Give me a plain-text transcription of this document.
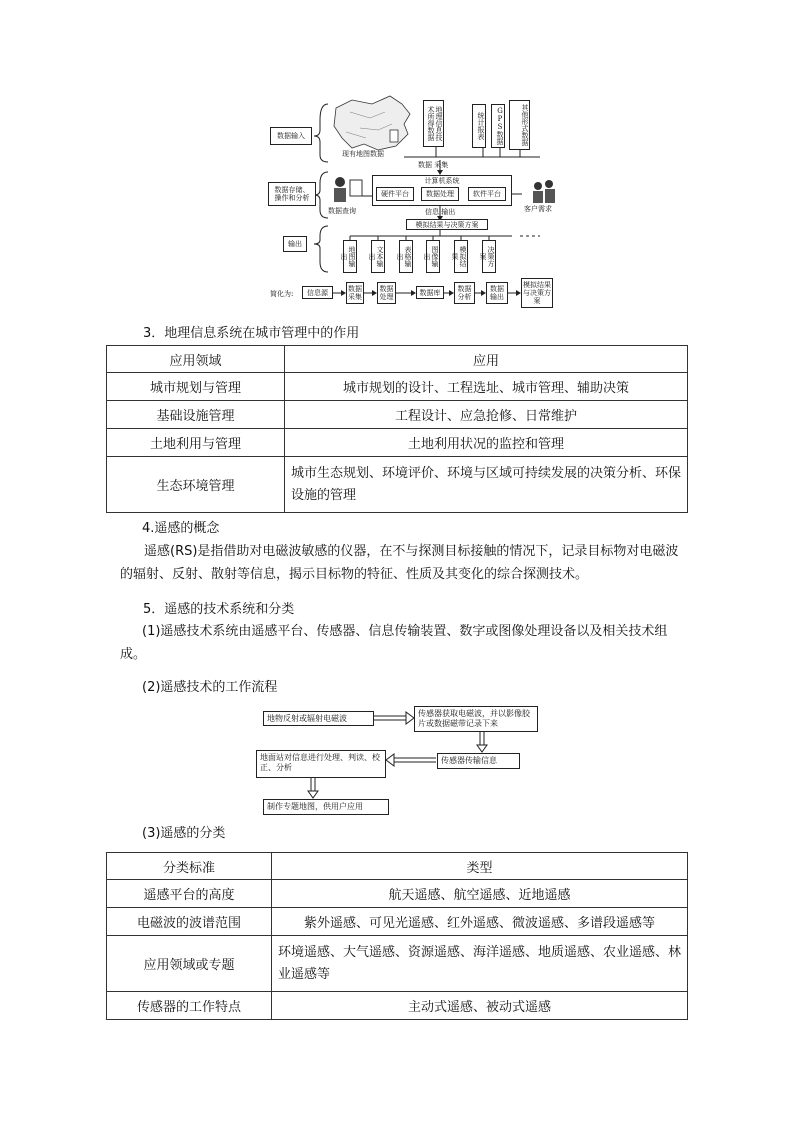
数据输入
数据存储、
操作和分析
输出
现有地图数据
地理信息技术所得数据	统计报表	GPS数据	其他形式数据
数据 采集
计算机系统
硬件平台	数据处理	软件平台
数据查询	客户需求
信息 输出
模拟结果与决策方案
地图输出	文本输出	表格输出	图像输出	模拟结果	决策方案
简化为:	信息源	数据采集
数据处理
数据库	数据分析
数据输出
模拟结果与决策方案
3．地理信息系统在城市管理中的作用
应用领域	应用
城市规划与管理	城市规划的设计、工程选址、城市管理、辅助决策
基础设施管理	工程设计、应急抢修、日常维护
土地利用与管理	土地利用状况的监控和管理
生态环境管理	城市生态规划、环境评价、环境与区域可持续发展的决策分析、环保设施的管理
4.遥感的概念
遥感(RS)是指借助对电磁波敏感的仪器，在不与探测目标接触的情况下，记录目标物对电磁波的辐射、反射、散射等信息，揭示目标物的特征、性质及其变化的综合探测技术。
5．遥感的技术系统和分类
(1)遥感技术系统由遥感平台、传感器、信息传输装置、数字或图像处理设备以及相关技术组成。
(2)遥感技术的工作流程
地物反射或辐射电磁波
传感器获取电磁波，并以影像胶片或数据磁带记录下来
传感器传输信息
地面站对信息进行处理、判读、校正、分析
制作专题地图，供用户应用
(3)遥感的分类
分类标准	类型
遥感平台的高度	航天遥感、航空遥感、近地遥感
电磁波的波谱范围	紫外遥感、可见光遥感、红外遥感、微波遥感、多谱段遥感等
应用领域或专题	环境遥感、大气遥感、资源遥感、海洋遥感、地质遥感、农业遥感、林业遥感等
传感器的工作特点	主动式遥感、被动式遥感
